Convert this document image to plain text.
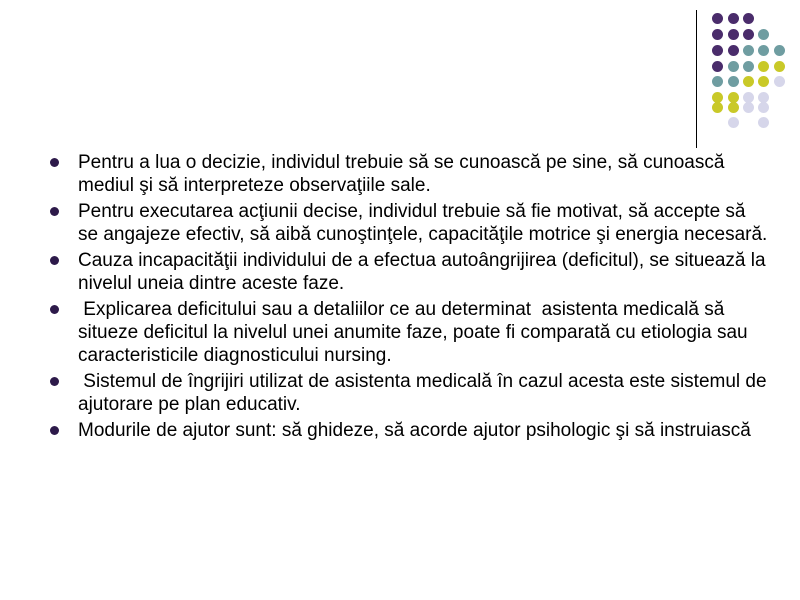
Pentru a lua o decizie, individul trebuie să se cunoască pe sine, să cunoască mediul şi să interpreteze observaţiile sale.
Pentru executarea acţiunii decise, individul trebuie să fie motivat, să accepte să se angajeze efectiv, să aibă cunoştinţele, capacităţile motrice şi energia necesară.
Cauza incapacităţii individului de a efectua autoângrijirea (deficitul), se situează la nivelul uneia dintre aceste faze.
Explicarea deficitului sau a detaliilor ce au determinat  asistenta medicală să situeze deficitul la nivelul unei anumite faze, poate fi comparată cu etiologia sau caracteristicile diagnosticului nursing.
Sistemul de îngrijiri utilizat de asistenta medicală în cazul acesta este sistemul de ajutorare pe plan educativ.
Modurile de ajutor sunt: să ghideze, să acorde ajutor psihologic şi să instruiască
